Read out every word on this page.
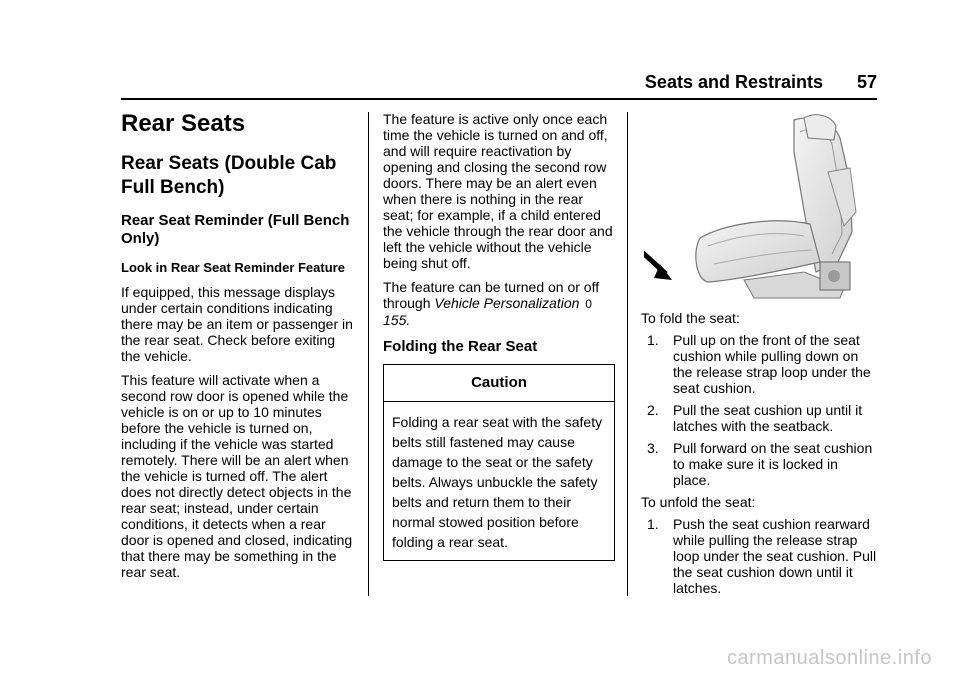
Seats and Restraints 57
Rear Seats
Rear Seats (Double Cab Full Bench)
Rear Seat Reminder (Full Bench Only)
Look in Rear Seat Reminder Feature

If equipped, this message displays under certain conditions indicating there may be an item or passenger in the rear seat. Check before exiting the vehicle.

This feature will activate when a second row door is opened while the vehicle is on or up to 10 minutes before the vehicle is turned on, including if the vehicle was started remotely. There will be an alert when the vehicle is turned off. The alert does not directly detect objects in the rear seat; instead, under certain conditions, it detects when a rear door is opened and closed, indicating that there may be something in the rear seat.

The feature is active only once each time the vehicle is turned on and off, and will require reactivation by opening and closing the second row doors. There may be an alert even when there is nothing in the rear seat; for example, if a child entered the vehicle through the rear door and left the vehicle without the vehicle being shut off.

The feature can be turned on or off through Vehicle Personalization 0 155.

Folding the Rear Seat
Caution
Folding a rear seat with the safety belts still fastened may cause damage to the seat or the safety belts. Always unbuckle the safety belts and return them to their normal stowed position before folding a rear seat.

To fold the seat:

1. Pull up on the front of the seat cushion while pulling down on the release strap loop under the seat cushion.
2. Pull the seat cushion up until it latches with the seatback.
3. Pull forward on the seat cushion to make sure it is locked in place.

To unfold the seat:

1. Push the seat cushion rearward while pulling the release strap loop under the seat cushion. Pull the seat cushion down until it latches.
carmanualsonline.info
